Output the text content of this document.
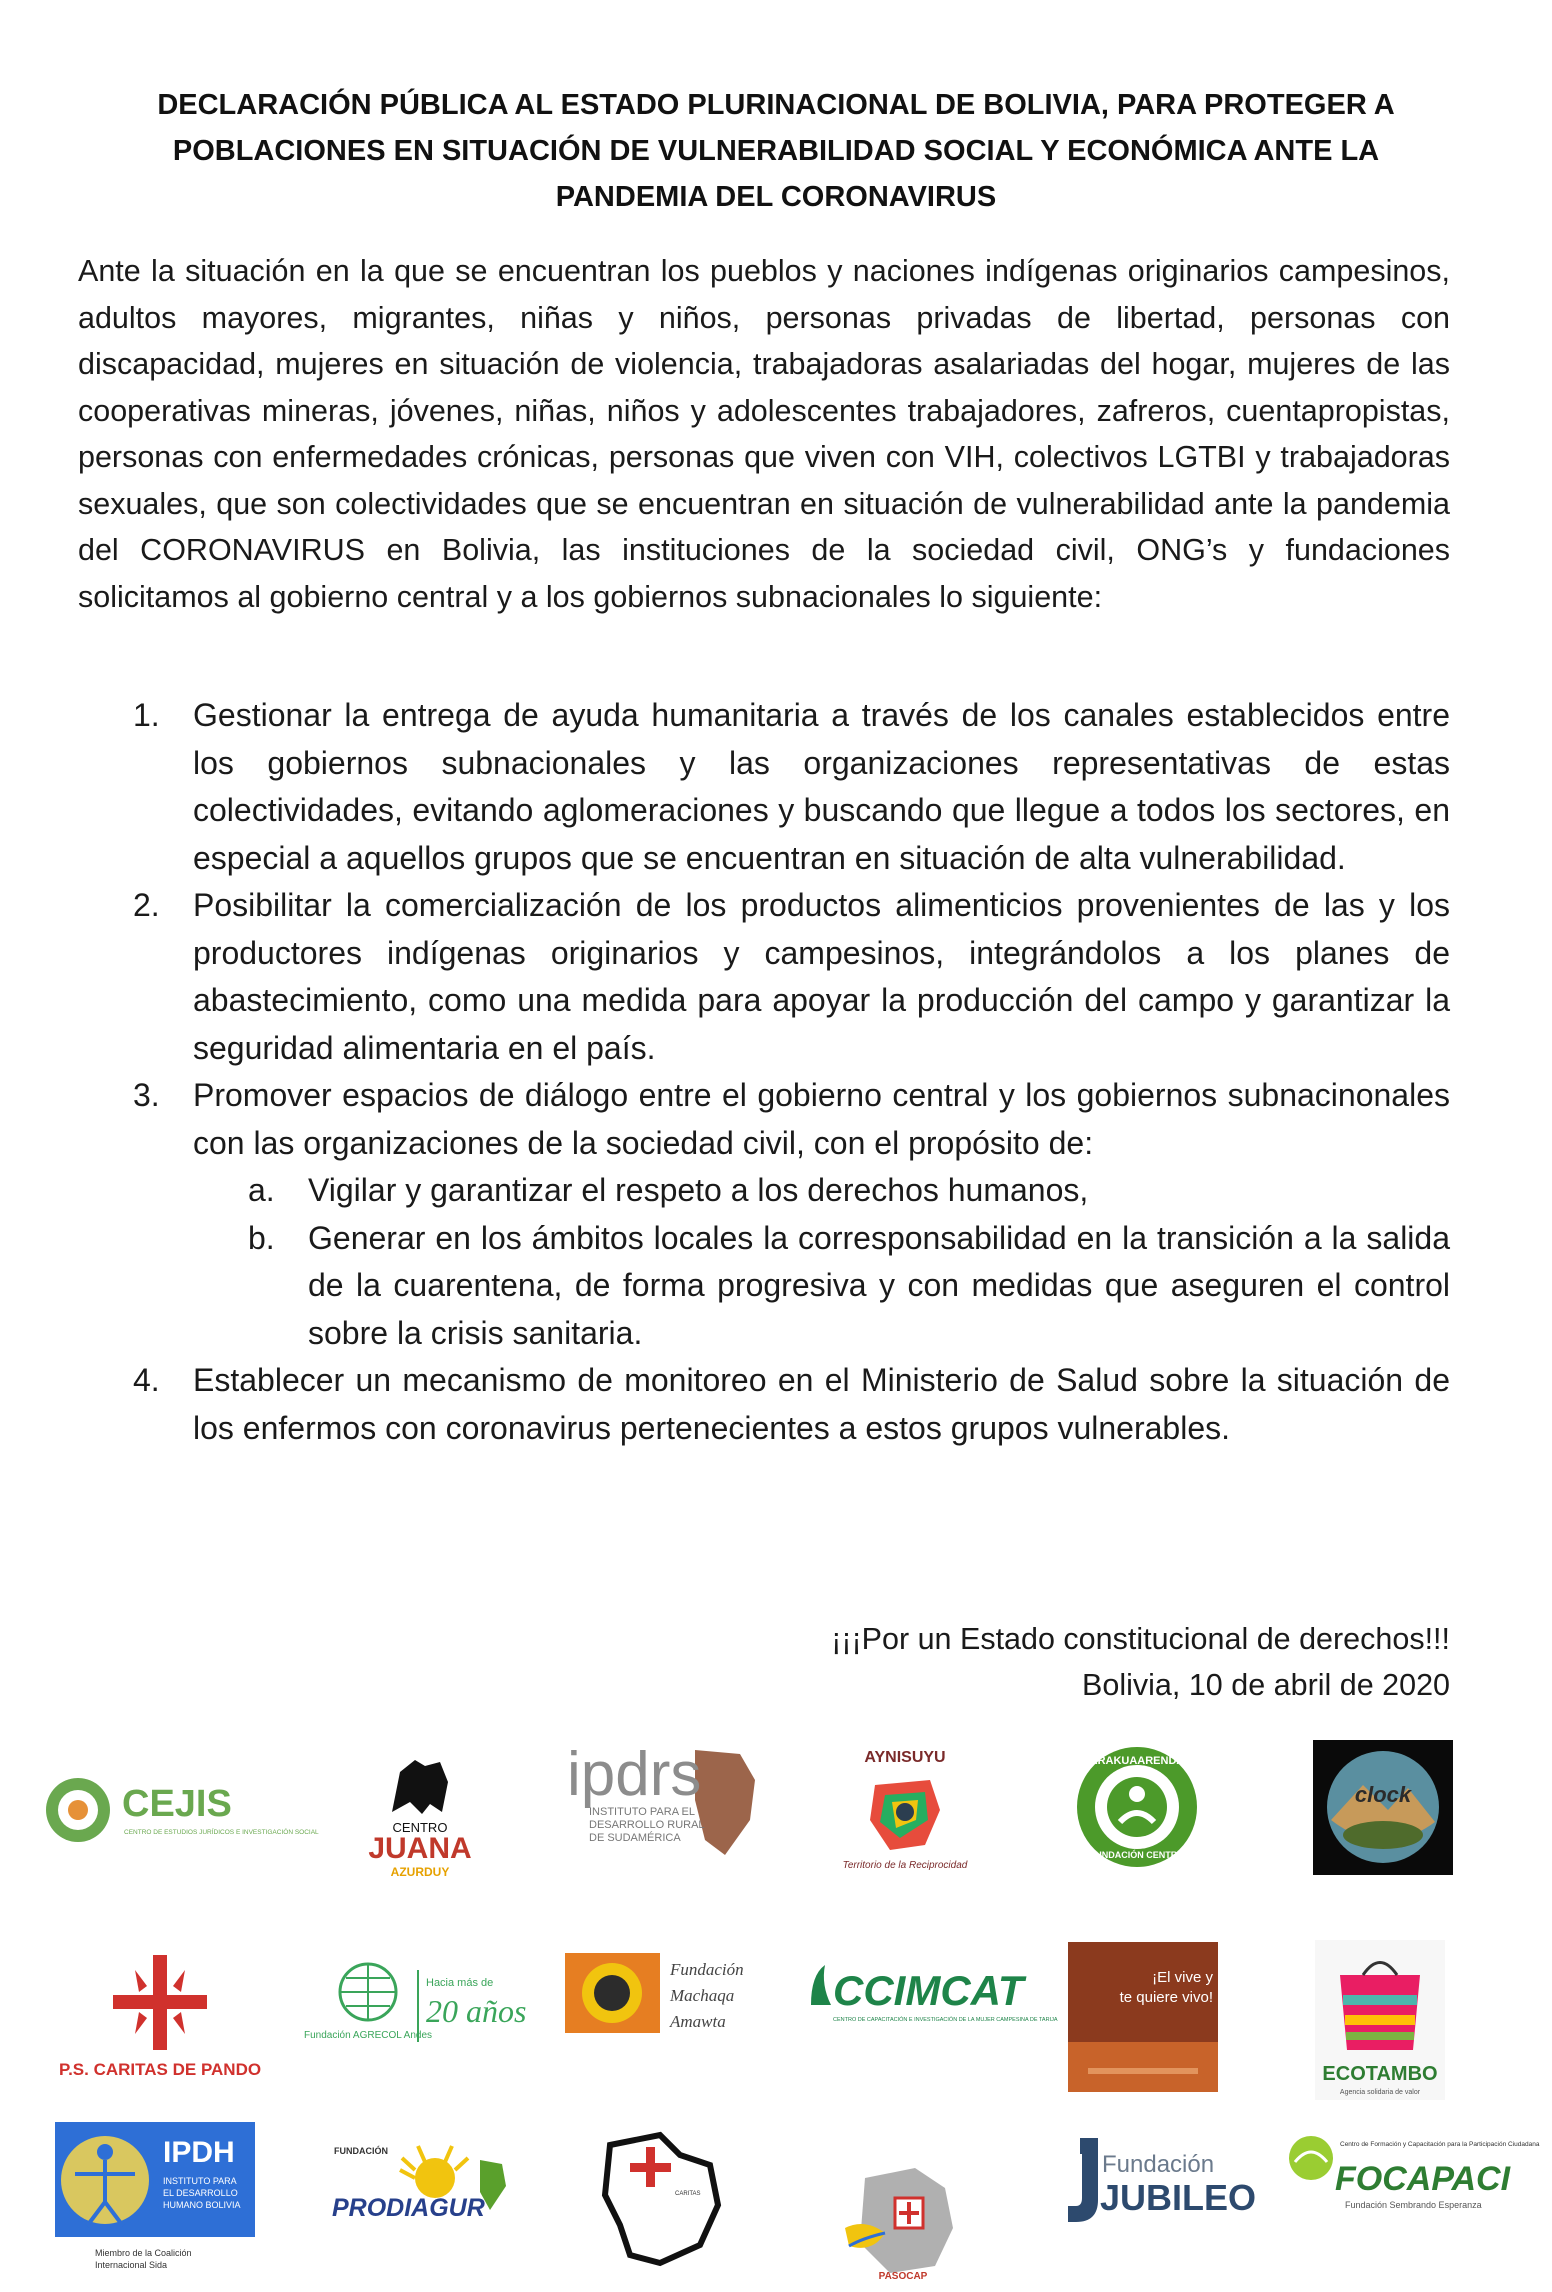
DECLARACIÓN PÚBLICA AL ESTADO PLURINACIONAL DE BOLIVIA, PARA PROTEGER A POBLACIONES EN SITUACIÓN DE VULNERABILIDAD SOCIAL Y ECONÓMICA ANTE LA PANDEMIA DEL CORONAVIRUS
Ante la situación en la que se encuentran los pueblos y naciones indígenas originarios campesinos, adultos mayores, migrantes, niñas y niños, personas privadas de libertad, personas con discapacidad, mujeres en situación de violencia, trabajadoras asalariadas del hogar, mujeres de las cooperativas mineras, jóvenes, niñas, niños y adolescentes trabajadores, zafreros, cuentapropistas, personas con enfermedades crónicas, personas que viven con VIH, colectivos LGTBI y trabajadoras sexuales, que son colectividades que se encuentran en situación de vulnerabilidad ante la pandemia del CORONAVIRUS en Bolivia, las instituciones de la sociedad civil, ONG’s y fundaciones solicitamos al gobierno central y a los gobiernos subnacionales lo siguiente:
1. Gestionar la entrega de ayuda humanitaria a través de los canales establecidos entre los gobiernos subnacionales y las organizaciones representativas de estas colectividades, evitando aglomeraciones y buscando que llegue a todos los sectores, en especial a aquellos grupos que se encuentran en situación de alta vulnerabilidad.
2. Posibilitar la comercialización de los productos alimenticios provenientes de las y los productores indígenas originarios y campesinos, integrándolos a los planes de abastecimiento, como una medida para apoyar la producción del campo y garantizar la seguridad alimentaria en el país.
3. Promover espacios de diálogo entre el gobierno central y los gobiernos subnacinonales con las organizaciones de la sociedad civil, con el propósito de:
a. Vigilar y garantizar el respeto a los derechos humanos,
b. Generar en los ámbitos locales la corresponsabilidad en la transición a la salida de la cuarentena, de forma progresiva y con medidas que aseguren el control sobre la crisis sanitaria.
4. Establecer un mecanismo de monitoreo en el Ministerio de Salud sobre la situación de los enfermos con coronavirus pertenecientes a estos grupos vulnerables.
¡¡¡Por un Estado constitucional de derechos!!!
Bolivia, 10 de abril de 2020
CEJIS
CENTRO DE ESTUDIOS JURÍDICOS E INVESTIGACIÓN SOCIAL	CENTRO
JUANA
AZURDUY
ipdrs
INSTITUTO PARA EL
DESARROLLO RURAL
DE SUDAMÉRICA
AYNISUYU
Territorio de la Reciprocidad
ARAKUAARENDA
FUNDACIÓN CENTRO
clock
P.S. CARITAS DE PANDO
Fundación AGRECOL Andes
Hacia más de
20 años
Fundación
Machaqa
Amawta
CCIMCAT
CENTRO DE CAPACITACIÓN E INVESTIGACIÓN DE LA MUJER CAMPESINA DE TARIJA
¡El vive y
te quiere vivo!
ECOTAMBO
Agencia solidaria de valor
IPDH
INSTITUTO PARA
EL DESARROLLO
HUMANO BOLIVIA
Miembro de la Coalición
Internacional Sida
FUNDACIÓN
PRODIAGUR	CARITAS
PASOCAP
Fundación
JUBILEO
Centro de Formación y Capacitación para la Participación Ciudadana
FOCAPACI
Fundación Sembrando Esperanza
